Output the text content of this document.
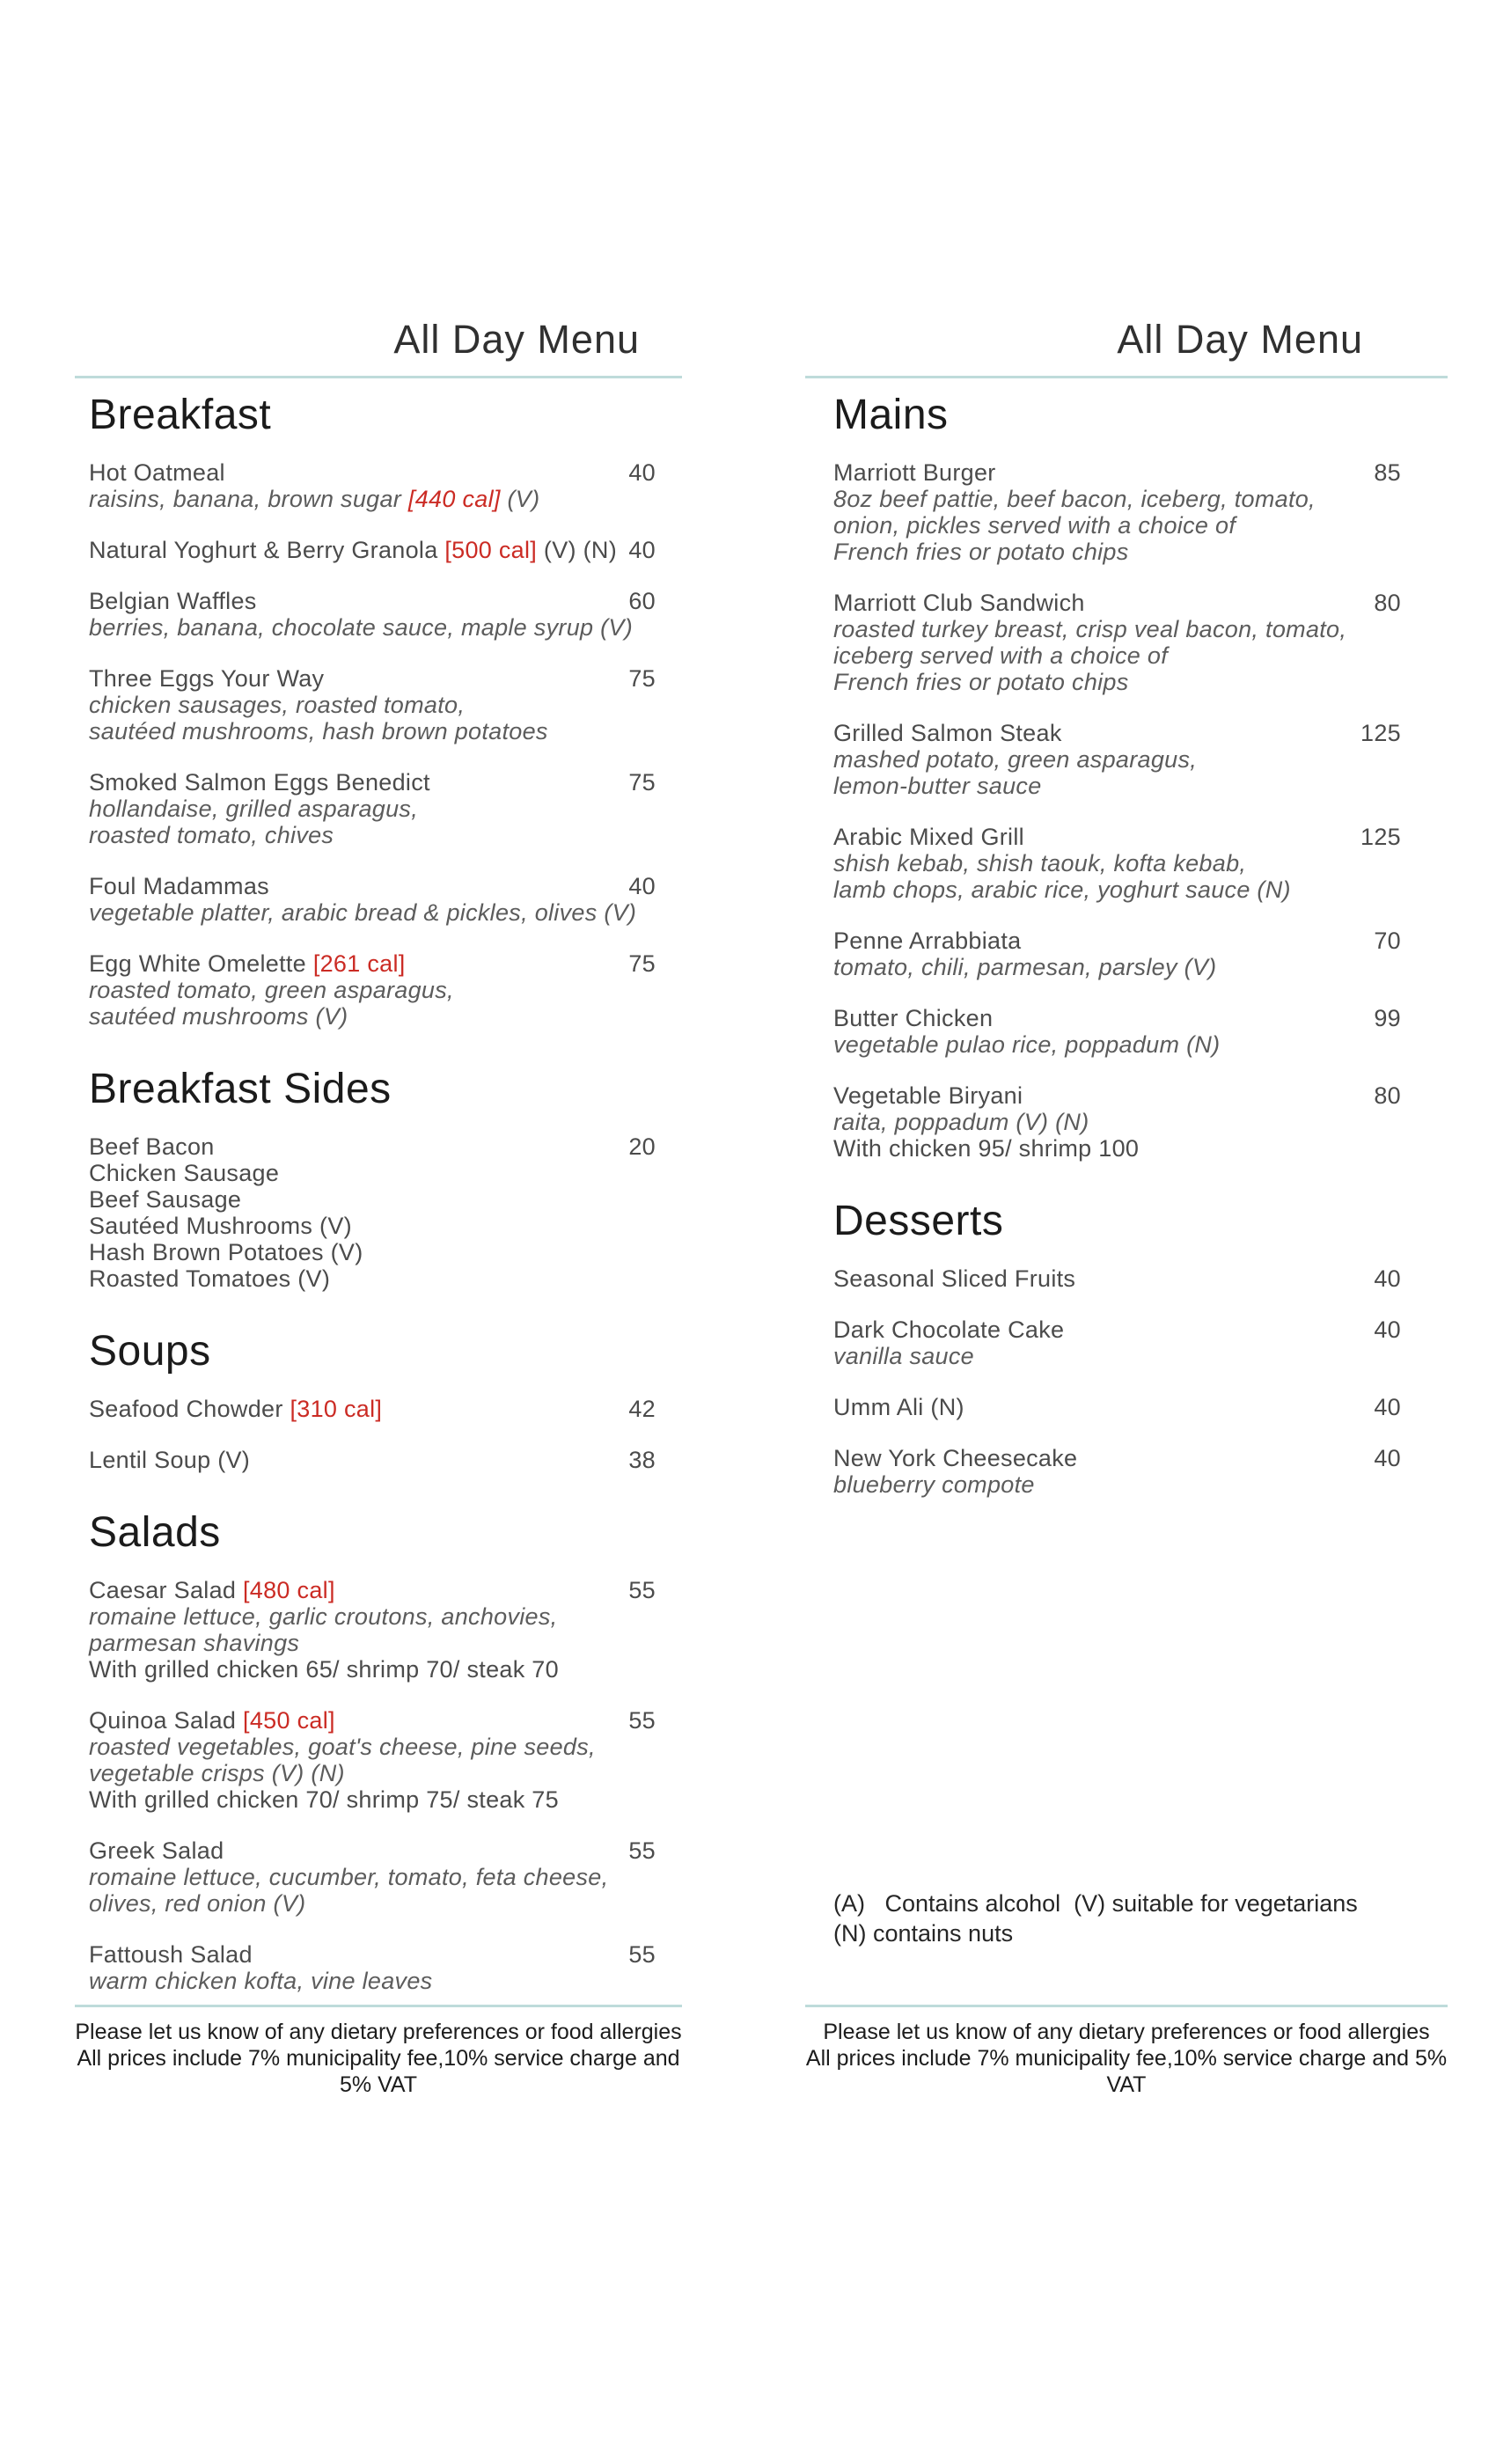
All Day Menu	All Day Menu
Breakfast
Hot Oatmeal	40
raisins, banana, brown sugar [440 cal] (V)
Natural Yoghurt & Berry Granola [500 cal] (V) (N) 40
Belgian Waffles	60
berries, banana, chocolate sauce, maple syrup (V)
Three Eggs Your Way	75
chicken sausages, roasted tomato,
sautéed mushrooms, hash brown potatoes
Smoked Salmon Eggs Benedict	75
hollandaise, grilled asparagus,
roasted tomato, chives
Foul Madammas	40
vegetable platter, arabic bread & pickles, olives (V)
Egg White Omelette [261 cal]	75
roasted tomato, green asparagus,
sautéed mushrooms (V)
Breakfast Sides
Beef Bacon	20
Chicken Sausage
Beef Sausage
Sautéed Mushrooms (V)
Hash Brown Potatoes (V)
Roasted Tomatoes (V)
Soups
Seafood Chowder [310 cal]	42
Lentil Soup (V)	38
Salads
Caesar Salad [480 cal]	55
romaine lettuce, garlic croutons, anchovies,
parmesan shavings
With grilled chicken 65/ shrimp 70/ steak 70
Quinoa Salad [450 cal]	55
roasted vegetables, goat's cheese, pine seeds,
vegetable crisps (V) (N)
With grilled chicken 70/ shrimp 75/ steak 75
Greek Salad	55
romaine lettuce, cucumber, tomato, feta cheese,
olives, red onion (V)
Fattoush Salad	55
warm chicken kofta, vine leaves
Mains
Marriott Burger	85
8oz beef pattie, beef bacon, iceberg, tomato,
onion, pickles served with a choice of
French fries or potato chips
Marriott Club Sandwich	80
roasted turkey breast, crisp veal bacon, tomato,
iceberg served with a choice of
French fries or potato chips
Grilled Salmon Steak	125
mashed potato, green asparagus,
lemon-butter sauce
Arabic Mixed Grill	125
shish kebab, shish taouk, kofta kebab,
lamb chops, arabic rice, yoghurt sauce (N)
Penne Arrabbiata	70
tomato, chili, parmesan, parsley (V)
Butter Chicken	99
vegetable pulao rice, poppadum (N)
Vegetable Biryani	80
raita, poppadum (V) (N)
With chicken 95/ shrimp 100
Desserts
Seasonal Sliced Fruits	40
Dark Chocolate Cake	40
vanilla sauce
Umm Ali (N)	40
New York Cheesecake	40
blueberry compote
(A)   Contains alcohol  (V) suitable for vegetarians
(N) contains nuts
Please let us know of any dietary preferences or food allergies
All prices include 7% municipality fee,10% service charge and 5% VAT
Please let us know of any dietary preferences or food allergies
All prices include 7% municipality fee,10% service charge and 5% VAT
